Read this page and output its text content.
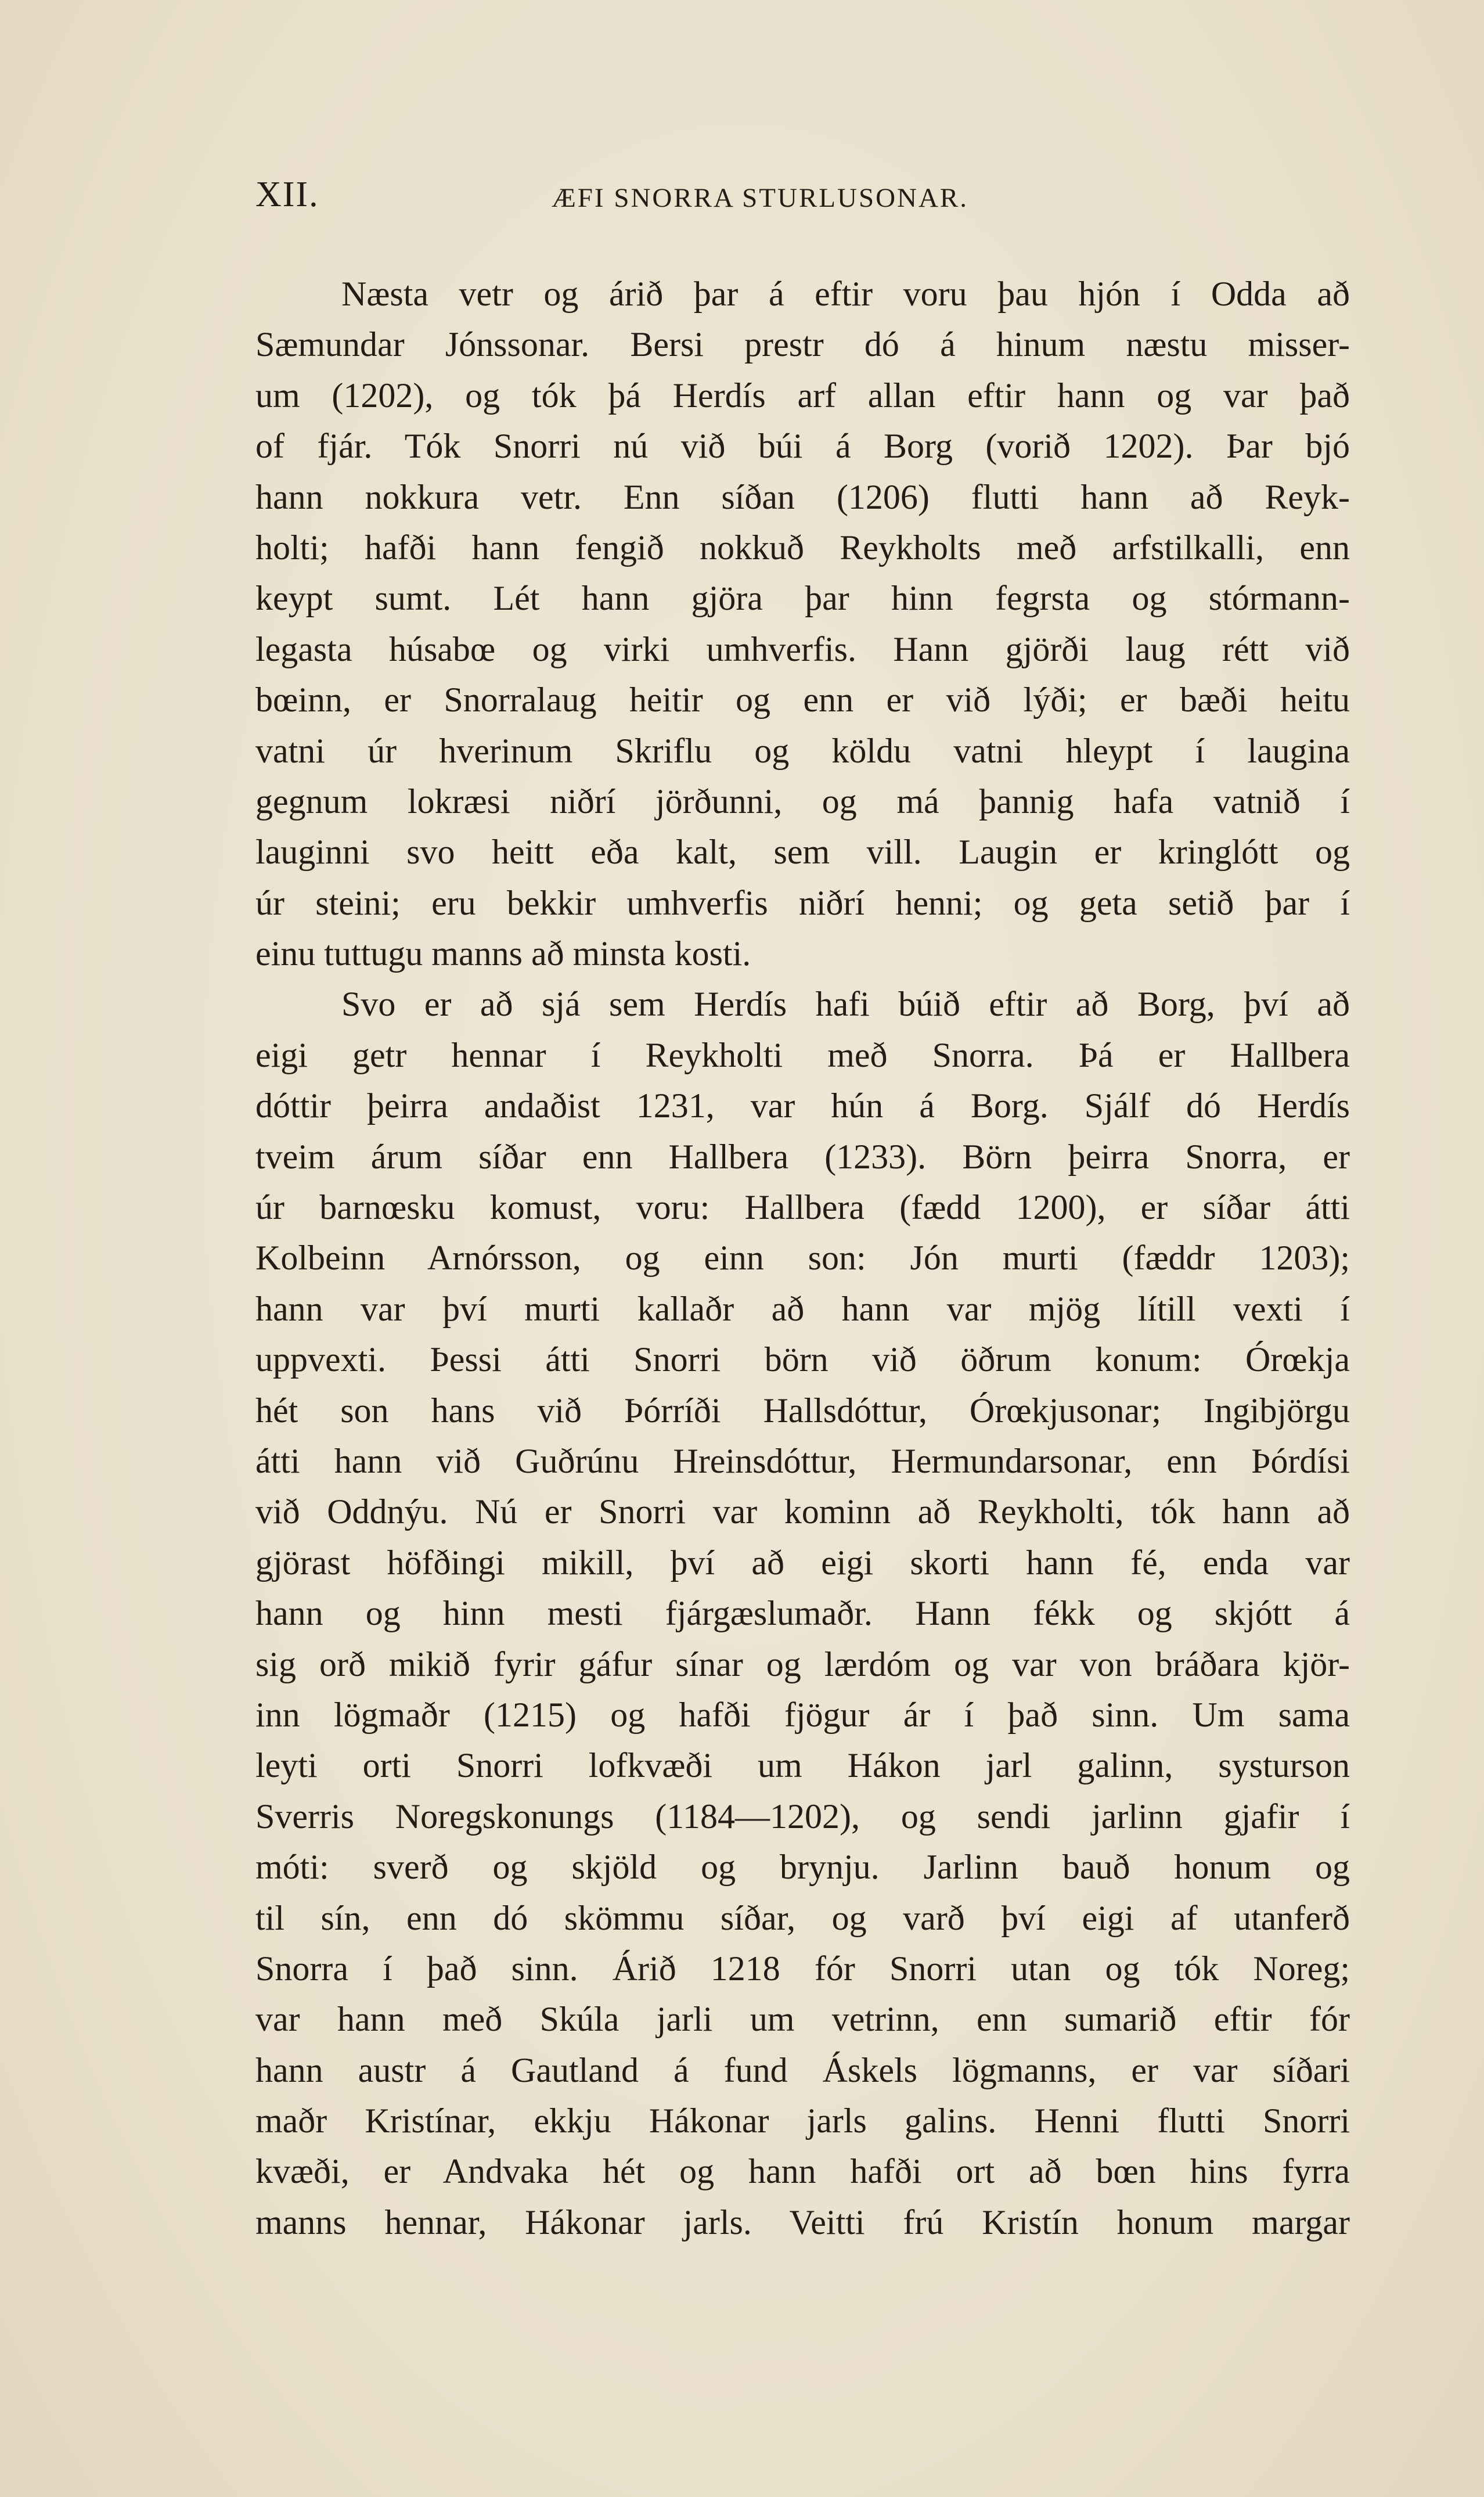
XII.	ÆFI SNORRA STURLUSONAR.
Næsta vetr og árið þar á eftir voru þau hjón í Odda að
Sæmundar Jónssonar. Bersi prestr dó á hinum næstu misser-
um (1202), og tók þá Herdís arf allan eftir hann og var það
of fjár. Tók Snorri nú við búi á Borg (vorið 1202). Þar bjó
hann nokkura vetr. Enn síðan (1206) flutti hann að Reyk-
holti; hafði hann fengið nokkuð Reykholts með arfstilkalli, enn
keypt sumt. Lét hann gjöra þar hinn fegrsta og stórmann-
legasta húsabœ og virki umhverfis. Hann gjörði laug rétt við
bœinn, er Snorralaug heitir og enn er við lýði; er bæði heitu
vatni úr hverinum Skriflu og köldu vatni hleypt í laugina
gegnum lokræsi niðrí jörðunni, og má þannig hafa vatnið í
lauginni svo heitt eða kalt, sem vill. Laugin er kringlótt og
úr steini; eru bekkir umhverfis niðrí henni; og geta setið þar í
einu tuttugu manns að minsta kosti.
Svo er að sjá sem Herdís hafi búið eftir að Borg, því að
eigi getr hennar í Reykholti með Snorra. Þá er Hallbera
dóttir þeirra andaðist 1231, var hún á Borg. Sjálf dó Herdís
tveim árum síðar enn Hallbera (1233). Börn þeirra Snorra, er
úr barnœsku komust, voru: Hallbera (fædd 1200), er síðar átti
Kolbeinn Arnórsson, og einn son: Jón murti (fæddr 1203);
hann var því murti kallaðr að hann var mjög lítill vexti í
uppvexti. Þessi átti Snorri börn við öðrum konum: Órœkja
hét son hans við Þórríði Hallsdóttur, Órœkjusonar; Ingibjörgu
átti hann við Guðrúnu Hreinsdóttur, Hermundarsonar, enn Þórdísi
við Oddnýu. Nú er Snorri var kominn að Reykholti, tók hann að
gjörast höfðingi mikill, því að eigi skorti hann fé, enda var
hann og hinn mesti fjárgæslumaðr. Hann fékk og skjótt á
sig orð mikið fyrir gáfur sínar og lærdóm og var von bráðara kjör-
inn lögmaðr (1215) og hafði fjögur ár í það sinn. Um sama
leyti orti Snorri lofkvæði um Hákon jarl galinn, systurson
Sverris Noregskonungs (1184—1202), og sendi jarlinn gjafir í
móti: sverð og skjöld og brynju. Jarlinn bauð honum og
til sín, enn dó skömmu síðar, og varð því eigi af utanferð
Snorra í það sinn. Árið 1218 fór Snorri utan og tók Noreg;
var hann með Skúla jarli um vetrinn, enn sumarið eftir fór
hann austr á Gautland á fund Áskels lögmanns, er var síðari
maðr Kristínar, ekkju Hákonar jarls galins. Henni flutti Snorri
kvæði, er Andvaka hét og hann hafði ort að bœn hins fyrra
manns hennar, Hákonar jarls. Veitti frú Kristín honum margar
